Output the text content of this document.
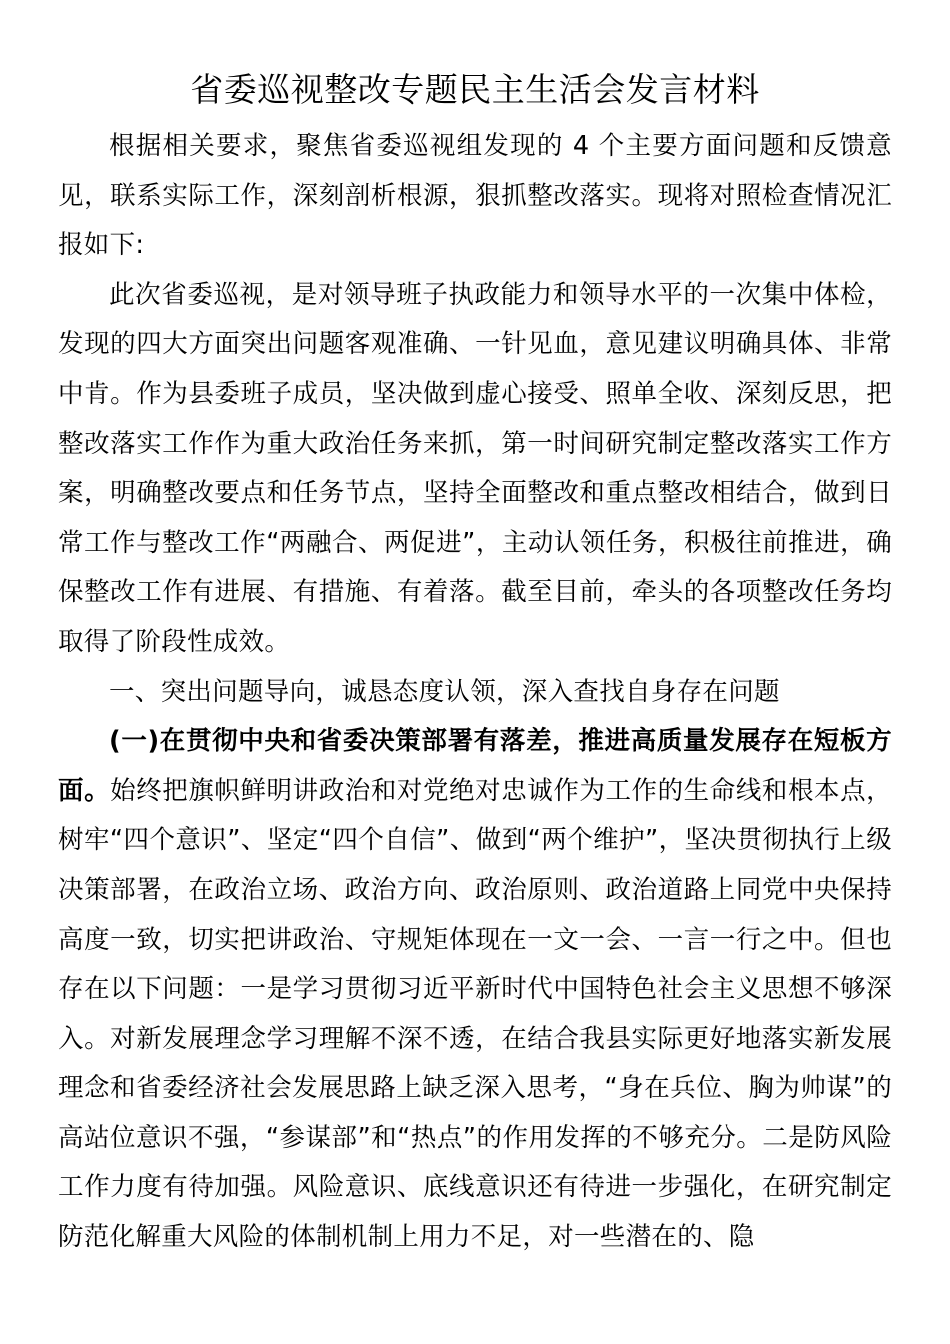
省委巡视整改专题民主生活会发言材料

根据相关要求，聚焦省委巡视组发现的 4 个主要方面问题和反馈意见，联系实际工作，深刻剖析根源，狠抓整改落实。现将对照检查情况汇报如下:

此次省委巡视，是对领导班子执政能力和领导水平的一次集中体检，发现的四大方面突出问题客观准确、一针见血，意见建议明确具体、非常中肯。作为县委班子成员，坚决做到虚心接受、照单全收、深刻反思，把整改落实工作作为重大政治任务来抓，第一时间研究制定整改落实工作方案，明确整改要点和任务节点，坚持全面整改和重点整改相结合，做到日常工作与整改工作“两融合、两促进”，主动认领任务，积极往前推进，确保整改工作有进展、有措施、有着落。截至目前，牵头的各项整改任务均取得了阶段性成效。

一、突出问题导向，诚恳态度认领，深入查找自身存在问题

(一)在贯彻中央和省委决策部署有落差，推进高质量发展存在短板方面。始终把旗帜鲜明讲政治和对党绝对忠诚作为工作的生命线和根本点，树牢“四个意识”、坚定“四个自信”、做到“两个维护”，坚决贯彻执行上级决策部署，在政治立场、政治方向、政治原则、政治道路上同党中央保持高度一致，切实把讲政治、守规矩体现在一文一会、一言一行之中。但也存在以下问题：一是学习贯彻习近平新时代中国特色社会主义思想不够深入。对新发展理念学习理解不深不透，在结合我县实际更好地落实新发展理念和省委经济社会发展思路上缺乏深入思考，“身在兵位、胸为帅谋”的高站位意识不强，“参谋部”和“热点”的作用发挥的不够充分。二是防风险工作力度有待加强。风险意识、底线意识还有待进一步强化，在研究制定防范化解重大风险的体制机制上用力不足，对一些潜在的、隐
